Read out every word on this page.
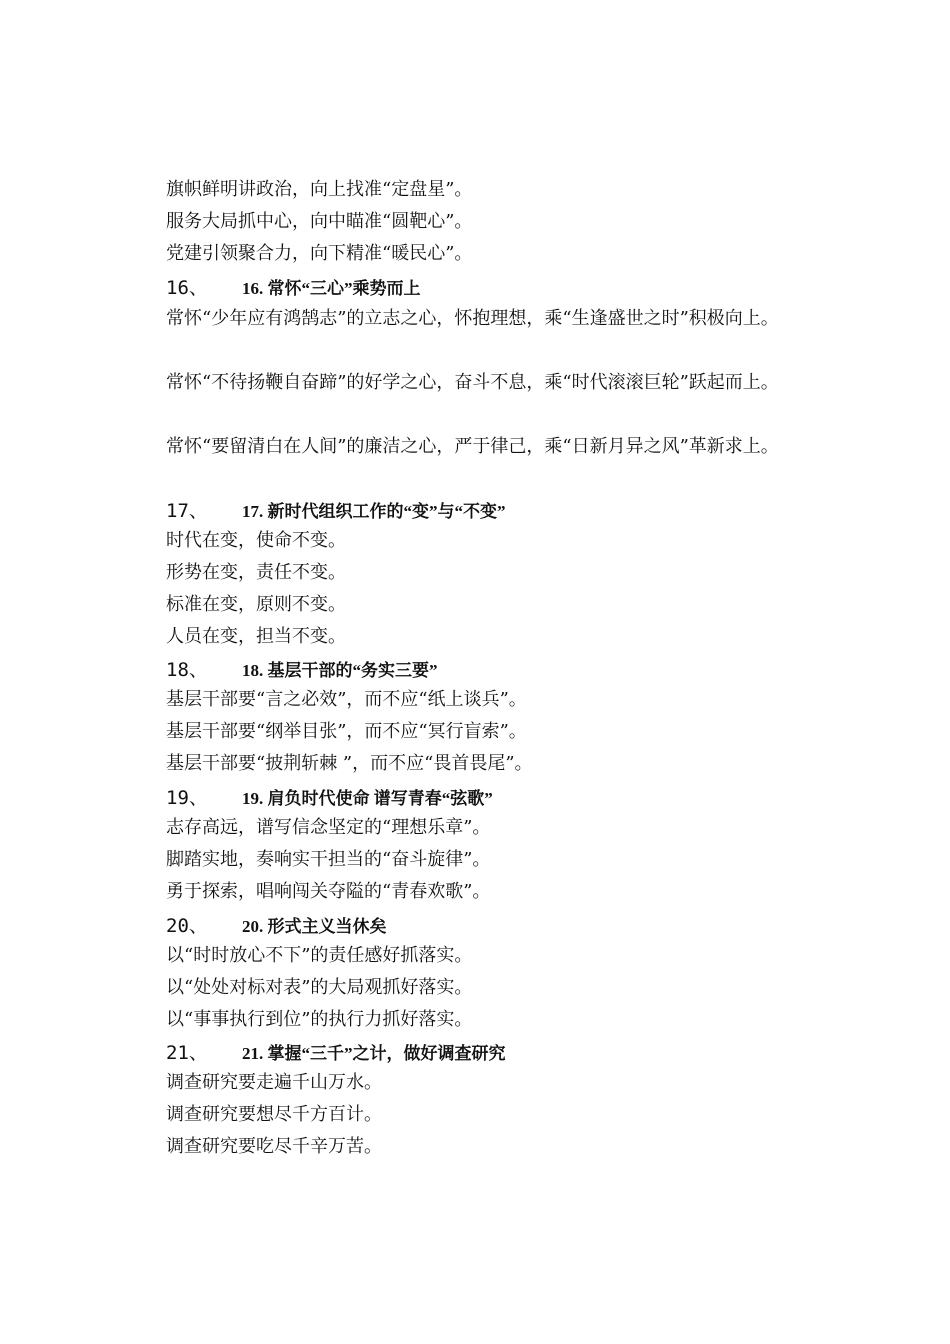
旗帜鲜明讲政治，向上找准“定盘星”。
服务大局抓中心，向中瞄准“圆靶心”。
党建引领聚合力，向下精准“暖民心”。
16、 16. 常怀“三心”乘势而上
常怀“少年应有鸿鹄志”的立志之心，怀抱理想，乘“生逢盛世之时”积极向上。
常怀“不待扬鞭自奋蹄”的好学之心，奋斗不息，乘“时代滚滚巨轮”跃起而上。
常怀“要留清白在人间”的廉洁之心，严于律己，乘“日新月异之风”革新求上。
17、 17. 新时代组织工作的“变”与“不变”
时代在变，使命不变。
形势在变，责任不变。
标准在变，原则不变。
人员在变，担当不变。
18、 18. 基层干部的“务实三要”
基层干部要“言之必效”，而不应“纸上谈兵”。
基层干部要“纲举目张”，而不应“冥行盲索”。
基层干部要“披荆斩棘 ”，而不应“畏首畏尾”。
19、 19. 肩负时代使命 谱写青春“弦歌”
志存高远，谱写信念坚定的“理想乐章”。
脚踏实地，奏响实干担当的“奋斗旋律”。
勇于探索，唱响闯关夺隘的“青春欢歌”。
20、 20. 形式主义当休矣
以“时时放心不下”的责任感好抓落实。
以“处处对标对表”的大局观抓好落实。
以“事事执行到位”的执行力抓好落实。
21、 21. 掌握“三千”之计，做好调查研究
调查研究要走遍千山万水。
调查研究要想尽千方百计。
调查研究要吃尽千辛万苦。
